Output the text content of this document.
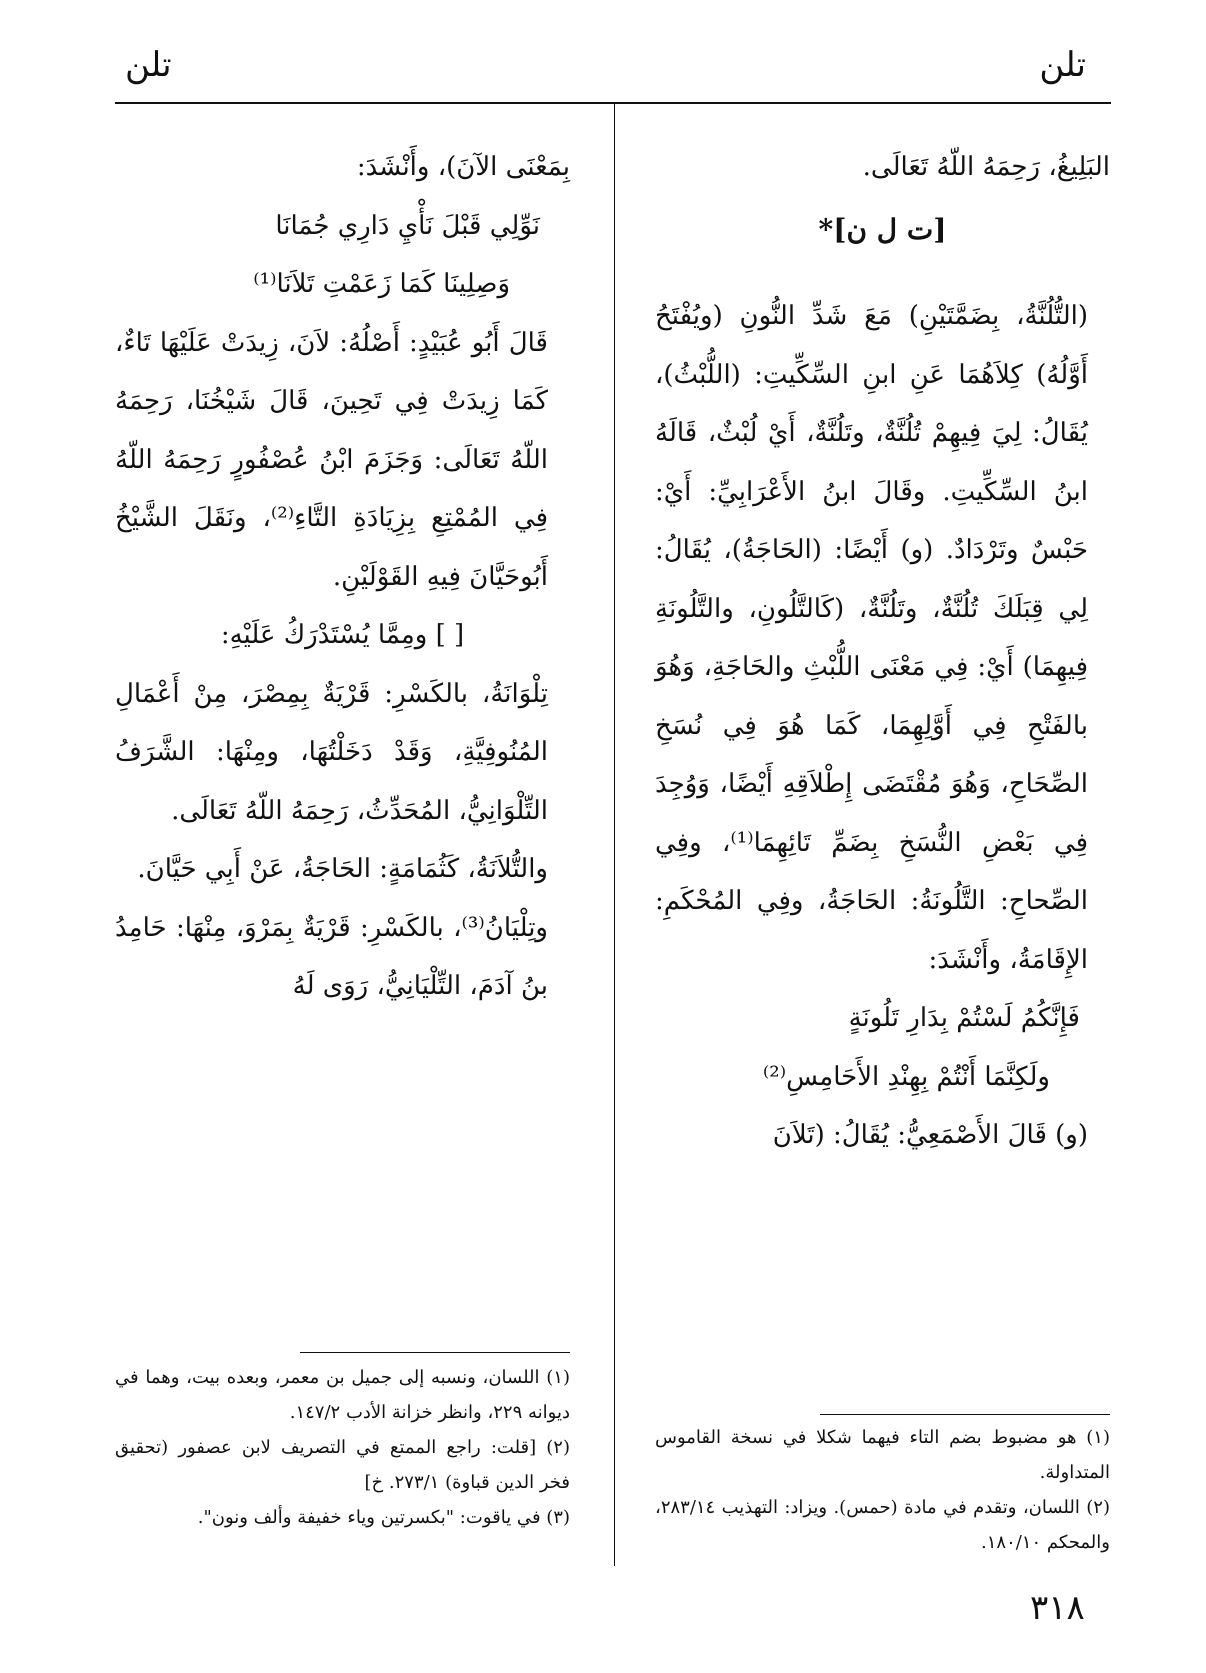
تلن
تلن

البَلِيغُ، رَحِمَهُ اللّهُ تَعَالَى.

[ت ل ن]*

(التُّلُنَّةُ، بِضَمَّتَيْنِ) مَعَ شَدِّ النُّونِ (ويُفْتَحُ أَوَّلُهُ) كِلاَهُمَا عَنِ ابنِ السِّكِّيتِ: (اللُّبْثُ)، يُقَالُ: لِيَ فِيهِمْ تُلُنَّةٌ، وتَلُنَّةٌ، أَيْ لُبْثٌ، قَالَهُ ابنُ السِّكِّيتِ. وقَالَ ابنُ الأَعْرَابِيِّ: أَيْ: حَبْسٌ وتَرْدَادٌ. (و) أَيْضًا: (الحَاجَةُ)، يُقَالُ: لِي قِبَلَكَ تُلُنَّةٌ، وتَلُنَّةٌ، (كَالتَّلُونِ، والتَّلُونَةِ فِيهِمَا) أَيْ: فِي مَعْنَى اللُّبْثِ والحَاجَةِ، وَهُوَ بالفَتْحِ فِي أَوَّلِهِمَا، كَمَا هُوَ فِي نُسَخِ الصِّحَاحِ، وَهُوَ مُقْتَضَى إِطْلاَقِهِ أَيْضًا، وَوُجِدَ فِي بَعْضِ النُّسَخِ بِضَمِّ تَائِهِمَا⁽¹⁾، وفِي الصِّحاحِ: التَّلُونَةُ: الحَاجَةُ، وفِي المُحْكَمِ: الإِقَامَةُ، وأَنْشَدَ:

فَإِنَّكُمُ لَسْتُمْ بِدَارِ تَلُونَةٍ

ولَكِنَّمَا أَنْتُمْ بِهِنْدِ الأَحَامِسِ⁽²⁾

(و) قَالَ الأَصْمَعِيُّ: يُقَالُ: (تَلاَنَ

بِمَعْنَى الآنَ)، وأَنْشَدَ:

نَوِّلِي قَبْلَ نَأْيِ دَارِي جُمَانَا

وَصِلِينَا كَمَا زَعَمْتِ تَلاَنَا⁽¹⁾

قَالَ أَبُو عُبَيْدٍ: أَصْلُهُ: لاَنَ، زِيدَتْ عَلَيْهَا تَاءٌ، كَمَا زِيدَتْ فِي تَحِينَ، قَالَ شَيْخُنَا، رَحِمَهُ اللّهُ تَعَالَى: وَجَزَمَ ابْنُ عُصْفُورٍ رَحِمَهُ اللّهُ فِي المُمْتِعِ بِزِيَادَةِ التَّاءِ⁽²⁾، ونَقَلَ الشَّيْخُ أَبُوحَيَّانَ فِيهِ القَوْلَيْنِ.

[ ] ومِمَّا يُسْتَدْرَكُ عَلَيْهِ:

تِلْوَانَةُ، بالكَسْرِ: قَرْيَةٌ بِمِصْرَ، مِنْ أَعْمَالِ المُنُوفِيَّةِ، وَقَدْ دَخَلْتُهَا، ومِنْهَا: الشَّرَفُ التِّلْوَانِيُّ، المُحَدِّثُ، رَحِمَهُ اللّهُ تَعَالَى.

والتُّلاَنَةُ، كَثُمَامَةٍ: الحَاجَةُ، عَنْ أَبِي حَيَّانَ.

وتِلْيَانُ⁽³⁾، بالكَسْرِ: قَرْيَةٌ بِمَرْوَ، مِنْهَا: حَامِدُ بنُ آدَمَ، التِّلْيَانِيُّ، رَوَى لَهُ

(١) هو مضبوط بضم التاء فيهما شكلا في نسخة القاموس المتداولة.

(٢) اللسان، وتقدم في مادة (حمس). ويزاد: التهذيب ٢٨٣/١٤، والمحكم ١٨٠/١٠.

(١) اللسان، ونسبه إلى جميل بن معمر، وبعده بيت، وهما في ديوانه ٢٢٩، وانظر خزانة الأدب ١٤٧/٢.

(٢) [قلت: راجع الممتع في التصريف لابن عصفور (تحقيق فخر الدين قباوة) ٢٧٣/١. خ]

(٣) في ياقوت: "بكسرتين وياء خفيفة وألف ونون".

٣١٨
